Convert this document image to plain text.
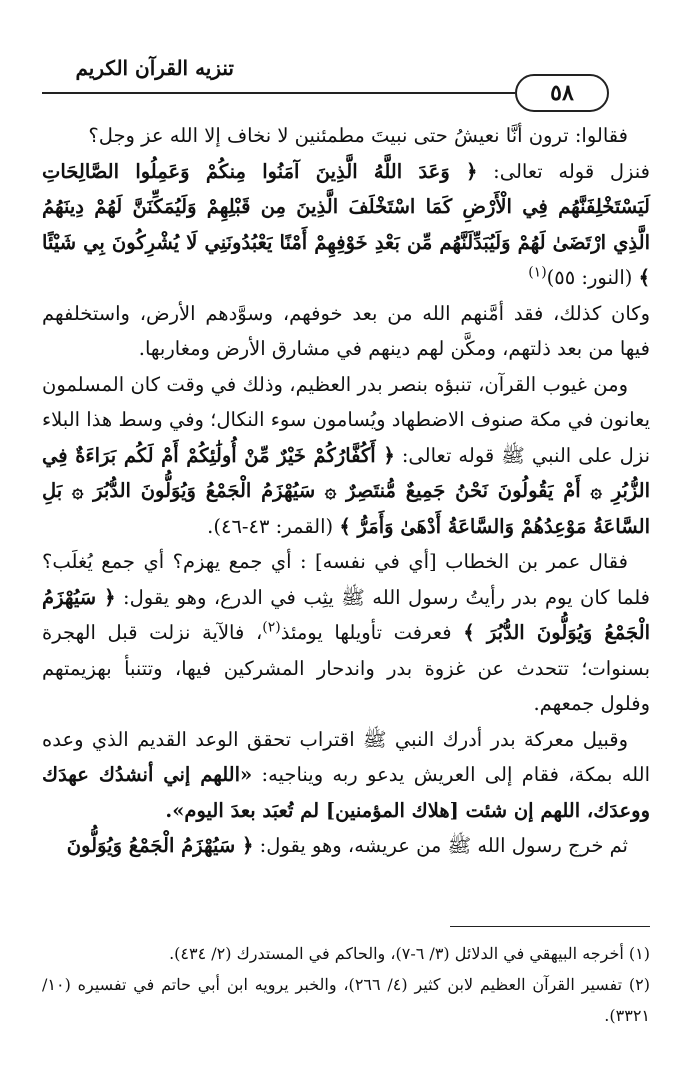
تنزيه القرآن الكريم
٥٨

فقالوا: ترون أنَّا نعيشُ حتى نبيتَ مطمئنين لا نخاف إلا الله عز وجل؟

فنزل قوله تعالى: ﴿ وَعَدَ اللَّهُ الَّذِينَ آمَنُوا مِنكُمْ وَعَمِلُوا الصَّالِحَاتِ لَيَسْتَخْلِفَنَّهُم فِي الْأَرْضِ كَمَا اسْتَخْلَفَ الَّذِينَ مِن قَبْلِهِمْ وَلَيُمَكِّنَنَّ لَهُمْ دِينَهُمُ الَّذِي ارْتَضَىٰ لَهُمْ وَلَيُبَدِّلَنَّهُم مِّن بَعْدِ خَوْفِهِمْ أَمْنًا يَعْبُدُونَنِي لَا يُشْرِكُونَ بِي شَيْئًا ﴾ (النور: ٥٥)$^{(١)}$

وكان كذلك، فقد أمَّنهم الله من بعد خوفهم، وسوَّدهم الأرض، واستخلفهم فيها من بعد ذلتهم، ومكَّن لهم دينهم في مشارق الأرض ومغاربها.

ومن غيوب القرآن، تنبؤه بنصر بدر العظيم، وذلك في وقت كان المسلمون يعانون في مكة صنوف الاضطهاد ويُسامون سوء النكال؛ وفي وسط هذا البلاء نزل على النبي ﷺ قوله تعالى: ﴿ أَكُفَّارُكُمْ خَيْرٌ مِّنْ أُولَٰئِكُمْ أَمْ لَكُم بَرَاءَةٌ فِي الزُّبُرِ ۞ أَمْ يَقُولُونَ نَحْنُ جَمِيعٌ مُّنتَصِرٌ ۞ سَيُهْزَمُ الْجَمْعُ وَيُوَلُّونَ الدُّبُرَ ۞ بَلِ السَّاعَةُ مَوْعِدُهُمْ وَالسَّاعَةُ أَدْهَىٰ وَأَمَرُّ ﴾ (القمر: ٤٣-٤٦).

فقال عمر بن الخطاب [أي في نفسه] : أي جمع يهزم؟ أي جمع يُغلَب؟ فلما كان يوم بدر رأيتُ رسول الله ﷺ يثِب في الدرع، وهو يقول: ﴿ سَيُهْزَمُ الْجَمْعُ وَيُوَلُّونَ الدُّبُرَ ﴾ فعرفت تأويلها يومئذ$^{(٢)}$، فالآية نزلت قبل الهجرة بسنوات؛ تتحدث عن غزوة بدر واندحار المشركين فيها، وتتنبأ بهزيمتهم وفلول جمعهم.

وقبيل معركة بدر أدرك النبي ﷺ اقتراب تحقق الوعد القديم الذي وعده الله بمكة، فقام إلى العريش يدعو ربه ويناجيه: «اللهم إني أنشدُك عهدَك ووعدَك، اللهم إن شئت [هلاك المؤمنين] لم تُعبَد بعدَ اليوم».

ثم خرج رسول الله ﷺ من عريشه، وهو يقول: ﴿ سَيُهْزَمُ الْجَمْعُ وَيُوَلُّونَ

(١) أخرجه البيهقي في الدلائل (٣/ ٦-٧)، والحاكم في المستدرك (٢/ ٤٣٤).

(٢) تفسير القرآن العظيم لابن كثير (٤/ ٢٦٦)، والخبر يرويه ابن أبي حاتم في تفسيره (١٠/ ٣٣٢١).
